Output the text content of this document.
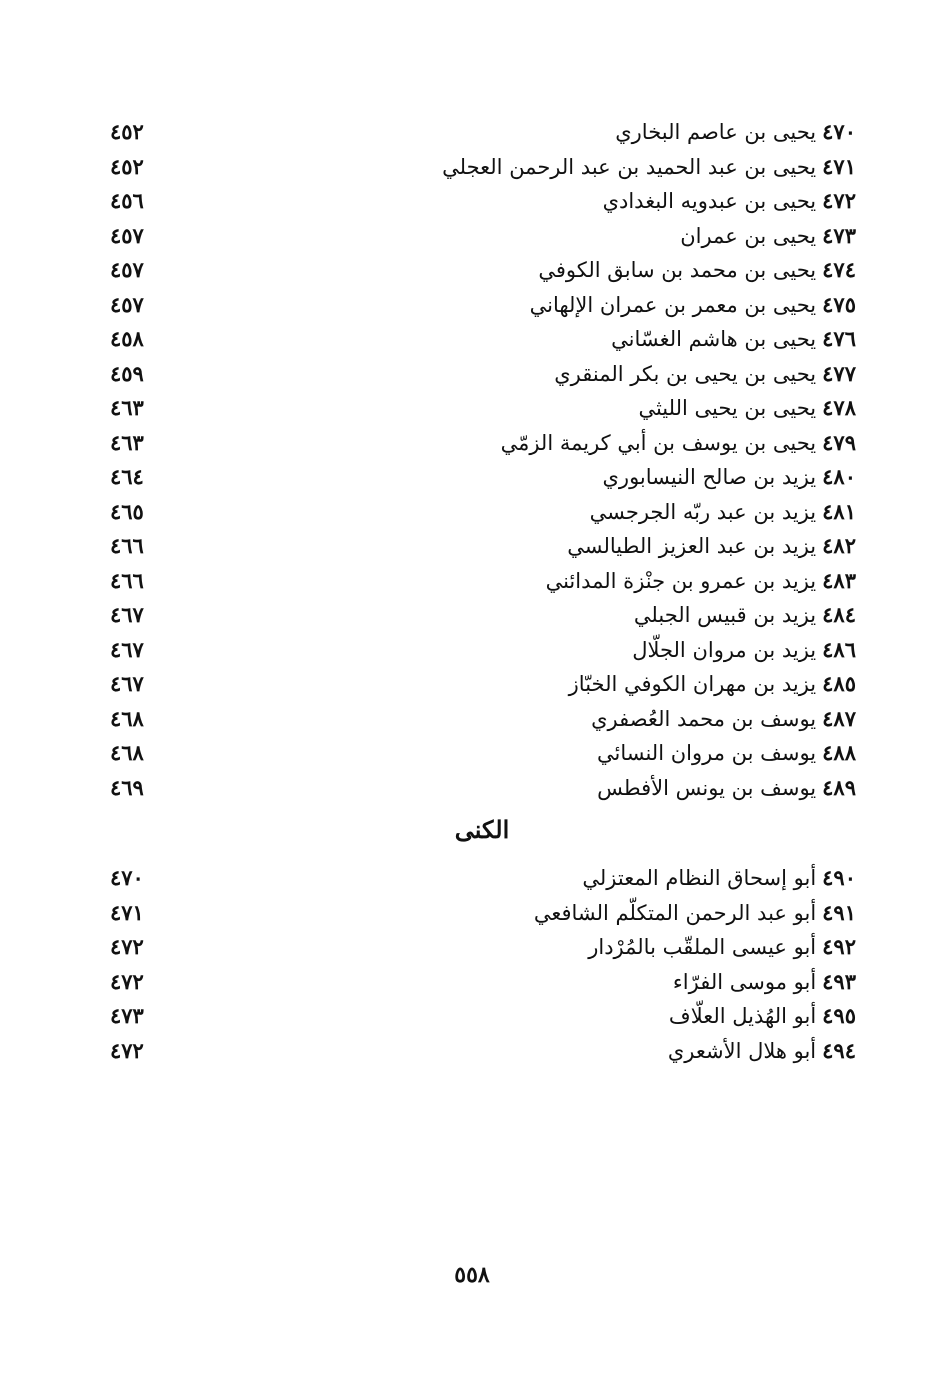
٤٧٠يحيى بن عاصم البخاري
٤٥٢
٤٧١يحيى بن عبد الحميد بن عبد الرحمن العجلي
٤٥٢
٤٧٢يحيى بن عبدويه البغدادي
٤٥٦
٤٧٣يحيى بن عمران
٤٥٧
٤٧٤يحيى بن محمد بن سابق الكوفي
٤٥٧
٤٧٥يحيى بن معمر بن عمران الإلهاني
٤٥٧
٤٧٦يحيى بن هاشم الغسّاني
٤٥٨
٤٧٧يحيى بن يحيى بن بكر المنقري
٤٥٩
٤٧٨يحيى بن يحيى الليثي
٤٦٣
٤٧٩يحيى بن يوسف بن أبي كريمة الزمّي
٤٦٣
٤٨٠يزيد بن صالح النيسابوري
٤٦٤
٤٨١يزيد بن عبد ربّه الجرجسي
٤٦٥
٤٨٢يزيد بن عبد العزيز الطيالسي
٤٦٦
٤٨٣يزيد بن عمرو بن جنْزة المدائني
٤٦٦
٤٨٤يزيد بن قبيس الجبلي
٤٦٧
٤٨٦يزيد بن مروان الجلّال
٤٦٧
٤٨٥يزيد بن مهران الكوفي الخبّاز
٤٦٧
٤٨٧يوسف بن محمد العُصفري
٤٦٨
٤٨٨يوسف بن مروان النسائي
٤٦٨
٤٨٩يوسف بن يونس الأفطس
٤٦٩
الكنى
٤٩٠أبو إسحاق النظام المعتزلي
٤٧٠
٤٩١أبو عبد الرحمن المتكلّم الشافعي
٤٧١
٤٩٢أبو عيسى الملقّب بالمُرْدار
٤٧٢
٤٩٣أبو موسى الفرّاء
٤٧٢
٤٩٥أبو الهُذيل العلّاف
٤٧٣
٤٩٤أبو هلال الأشعري
٤٧٢
٥٥٨
